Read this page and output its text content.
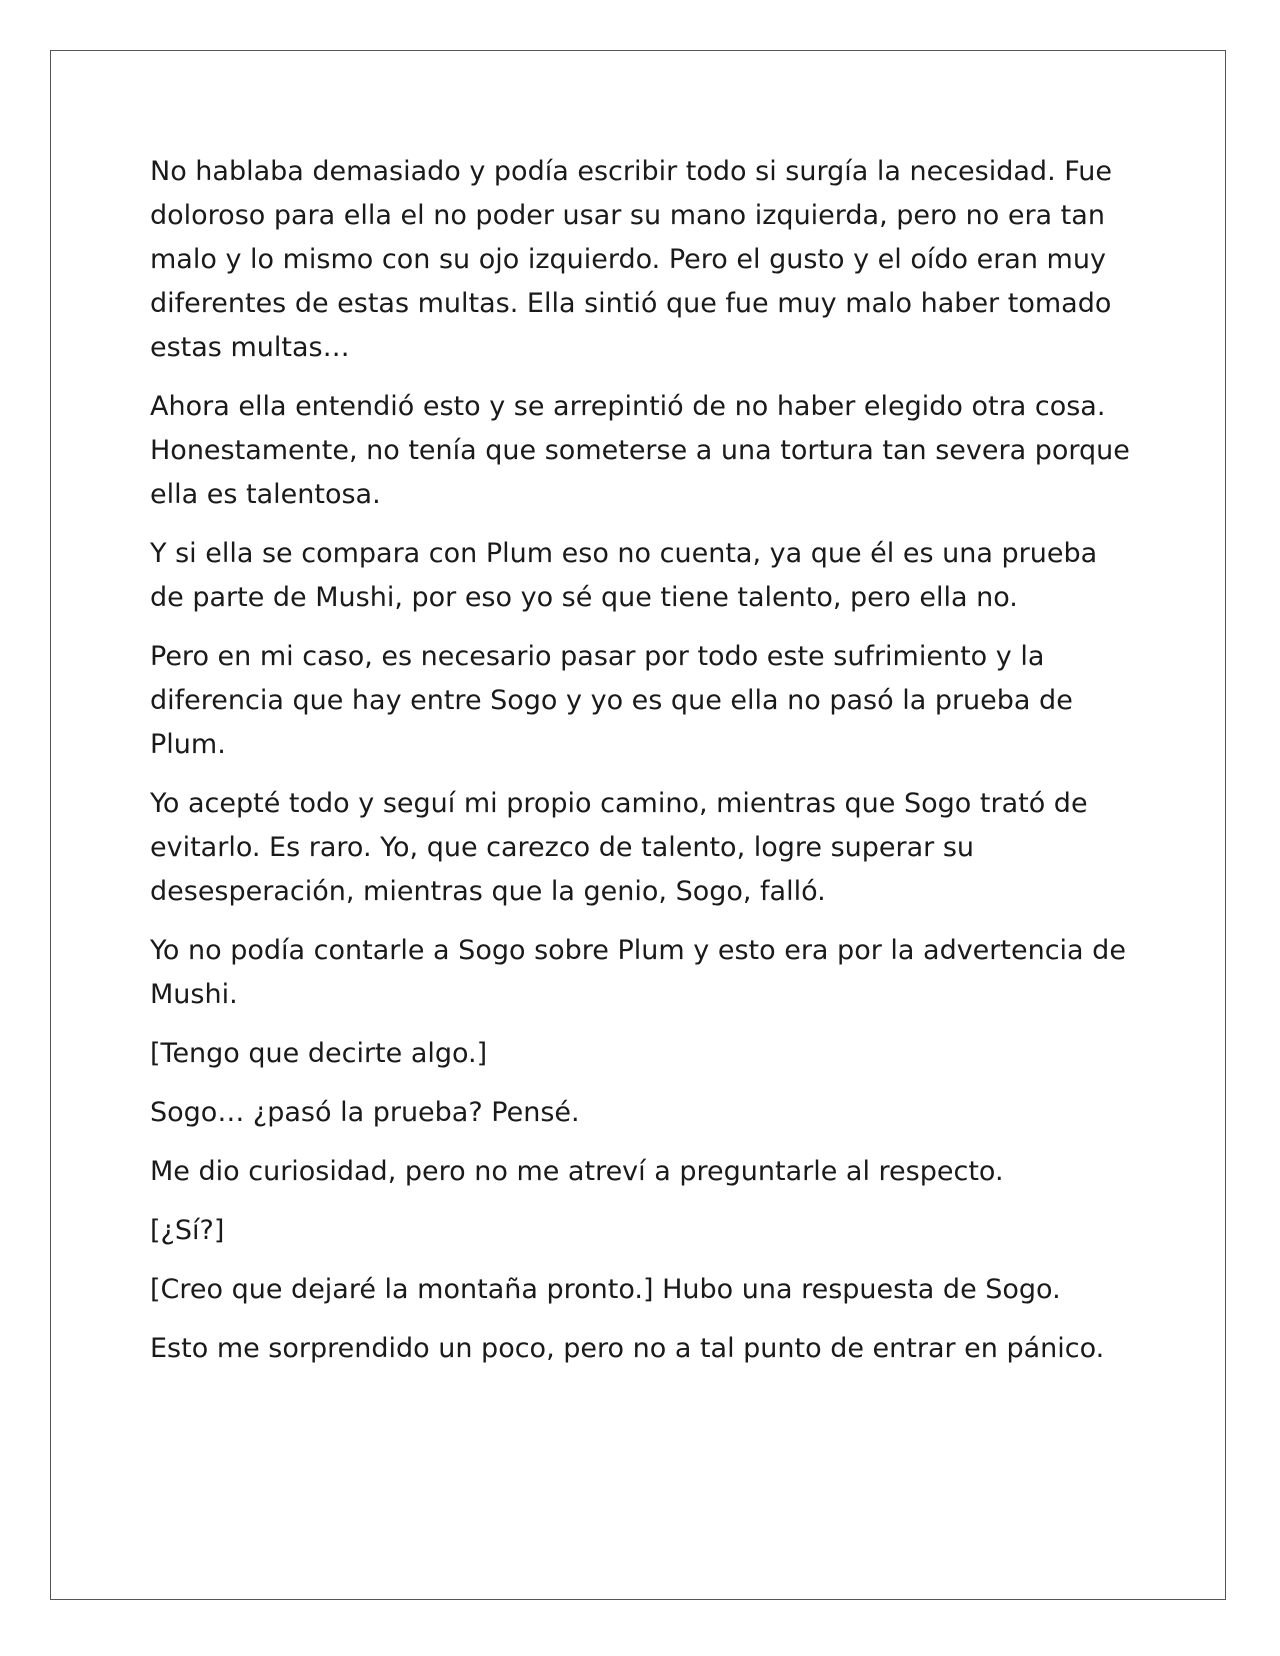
No hablaba demasiado y podía escribir todo si surgía la necesidad. Fue doloroso para ella el no poder usar su mano izquierda, pero no era tan malo y lo mismo con su ojo izquierdo. Pero el gusto y el oído eran muy diferentes de estas multas. Ella sintió que fue muy malo haber tomado estas multas…

Ahora ella entendió esto y se arrepintió de no haber elegido otra cosa. Honestamente, no tenía que someterse a una tortura tan severa porque ella es talentosa.

Y si ella se compara con Plum eso no cuenta, ya que él es una prueba de parte de Mushi, por eso yo sé que tiene talento, pero ella no.

Pero en mi caso, es necesario pasar por todo este sufrimiento y la diferencia que hay entre Sogo y yo es que ella no pasó la prueba de Plum.

Yo acepté todo y seguí mi propio camino, mientras que Sogo trató de evitarlo. Es raro. Yo, que carezco de talento, logre superar su desesperación, mientras que la genio, Sogo, falló.

Yo no podía contarle a Sogo sobre Plum y esto era por la advertencia de Mushi.

[Tengo que decirte algo.]

Sogo… ¿pasó la prueba? Pensé.

Me dio curiosidad, pero no me atreví a preguntarle al respecto.

[¿Sí?]

[Creo que dejaré la montaña pronto.] Hubo una respuesta de Sogo.

Esto me sorprendido un poco, pero no a tal punto de entrar en pánico.
